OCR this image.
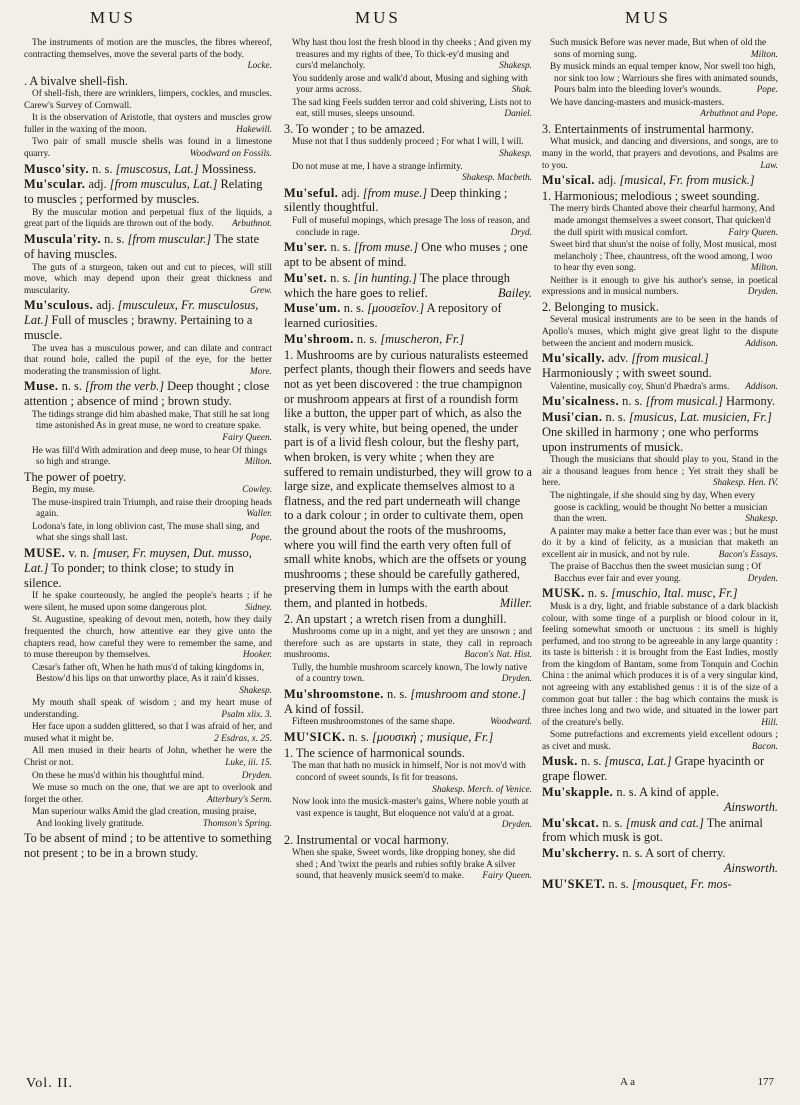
MUS	MUS	MUS
The instruments of motion are the muscles, the fibres whereof, contracting themselves, move the several parts of the body.
Locke.
. A bivalve shell-fish.
Of shell-fish, there are wrinklers, limpers, cockles, and muscles. Carew's Survey of Cornwall.
It is the observation of Aristotle, that oysters and muscles grow fuller in the waxing of the moon.	Hakewill.
Two pair of small muscle shells was found in a limestone quarry.	Woodward on Fossils.
Musco'sity. n. s. [muscosus, Lat.] Mossiness.
Mu'scular. adj. [from musculus, Lat.] Relating to muscles ; performed by muscles.
By the muscular motion and perpetual flux of the liquids, a great part of the liquids are thrown out of the body.	Arbuthnot.
Muscula'rity. n. s. [from muscular.] The state of having muscles.
The guts of a sturgeon, taken out and cut to pieces, will still move, which may depend upon their great thickness and muscularity.	Grew.
Mu'sculous. adj. [musculeux, Fr. musculosus, Lat.] Full of muscles ; brawny. Pertaining to a muscle.
The uvea has a musculous power, and can dilate and contract that round hole, called the pupil of the eye, for the better moderating the transmission of light.	More.
Muse. n. s. [from the verb.] Deep thought ; close attention ; absence of mind ; brown study.
The tidings strange did him abashed make, That still he sat long time astonished As in great muse, ne word to creature spake.
Fairy Queen.
He was fill'd With admiration and deep muse, to hear Of things so high and strange.	Milton.
The power of poetry.
Begin, my muse.	Cowley.
The muse-inspired train Triumph, and raise their drooping heads again.	Waller.
Lodona's fate, in long oblivion cast, The muse shall sing, and what she sings shall last.	Pope.
MUSE. v. n. [muser, Fr. muysen, Dut. musso, Lat.] To ponder; to think close; to study in silence.
If he spake courteously, he angled the people's hearts ; if he were silent, he mused upon some dangerous plot.	Sidney.
St. Augustine, speaking of devout men, noteth, how they daily frequented the church, how attentive ear they give unto the chapters read, how careful they were to remember the same, and to muse thereupon by themselves.	Hooker.
Cæsar's father oft, When he hath mus'd of taking kingdoms in, Bestow'd his lips on that unworthy place, As it rain'd kisses.
Shakesp.
My mouth shall speak of wisdom ; and my heart muse of understanding.	Psalm xlix. 3.
Her face upon a sudden glittered, so that I was afraid of her, and mused what it might be.	2 Esdras, x. 25.
All men mused in their hearts of John, whether he were the Christ or not.	Luke, iii. 15.
On these he mus'd within his thoughtful mind.	Dryden.
We muse so much on the one, that we are apt to overlook and forget the other.	Atterbury's Serm.
Man superiour walks Amid the glad creation, musing praise, And looking lively gratitude.	Thomson's Spring.
To be absent of mind ; to be attentive to something not present ; to be in a brown study.
Why hast thou lost the fresh blood in thy cheeks ; And given my treasures and my rights of thee, To thick-ey'd musing and curs'd melancholy.	Shakesp.
You suddenly arose and walk'd about, Musing and sighing with your arms across.	Shak.
The sad king Feels sudden terror and cold shivering, Lists not to eat, still muses, sleeps unsound.	Daniel.
3. To wonder ; to be amazed.
Muse not that I thus suddenly proceed ; For what I will, I will.
Shakesp.
Do not muse at me, I have a strange infirmity.
Shakesp. Macbeth.
Mu'seful. adj. [from muse.] Deep thinking ; silently thoughtful.
Full of museful mopings, which presage The loss of reason, and conclude in rage.	Dryd.
Mu'ser. n. s. [from muse.] One who muses ; one apt to be absent of mind.
Mu'set. n. s. [in hunting.] The place through which the hare goes to relief.	Bailey.
Muse'um. n. s. [μουσεῖον.] A repository of learned curiosities.
Mu'shroom. n. s. [muscheron, Fr.]
1. Mushrooms are by curious naturalists esteemed perfect plants, though their flowers and seeds have not as yet been discovered : the true champignon or mushroom appears at first of a roundish form like a button, the upper part of which, as also the stalk, is very white, but being opened, the under part is of a livid flesh colour, but the fleshy part, when broken, is very white ; when they are suffered to remain undisturbed, they will grow to a large size, and explicate themselves almost to a flatness, and the red part underneath will change to a dark colour ; in order to cultivate them, open the ground about the roots of the mushrooms, where you will find the earth very often full of small white knobs, which are the offsets or young mushrooms ; these should be carefully gathered, preserving them in lumps with the earth about them, and planted in hotbeds.	Miller.
2. An upstart ; a wretch risen from a dunghill.
Mushrooms come up in a night, and yet they are unsown ; and therefore such as are upstarts in state, they call in reproach mushrooms.	Bacon's Nat. Hist.
Tully, the humble mushroom scarcely known, The lowly native of a country town.	Dryden.
Mu'shroomstone. n. s. [mushroom and stone.] A kind of fossil.
Fifteen mushroomstones of the same shape.	Woodward.
MU'SICK. n. s. [μουσικὴ ; musique, Fr.]
1. The science of harmonical sounds.
The man that hath no musick in himself, Nor is not mov'd with concord of sweet sounds, Is fit for treasons.
Shakesp. Merch. of Venice.
Now look into the musick-master's gains, Where noble youth at vast expence is taught, But eloquence not valu'd at a groat.
Dryden.
2. Instrumental or vocal harmony.
When she spake, Sweet words, like dropping honey, she did shed ; And 'twixt the pearls and rubies softly brake A silver sound, that heavenly musick seem'd to make. Fairy Queen.
Such musick Before was never made, But when of old the sons of morning sung.	Milton.
By musick minds an equal temper know, Nor swell too high, nor sink too low ; Warriours she fires with animated sounds, Pours balm into the bleeding lover's wounds.	Pope.
We have dancing-masters and musick-masters.
Arbuthnot and Pope.
3. Entertainments of instrumental harmony.
What musick, and dancing and diversions, and songs, are to many in the world, that prayers and devotions, and Psalms are to you.	Law.
Mu'sical. adj. [musical, Fr. from musick.]
1. Harmonious; melodious ; sweet sounding.
The merry birds Chanted above their chearful harmony, And made amongst themselves a sweet consort, That quicken'd the dull spirit with musical comfort.	Fairy Queen.
Sweet bird that shun'st the noise of folly, Most musical, most melancholy ; Thee, chauntress, oft the wood among, I woo to hear thy even song.	Milton.
Neither is it enough to give his author's sense, in poetical expressions and in musical numbers.	Dryden.
2. Belonging to musick.
Several musical instruments are to be seen in the hands of Apollo's muses, which might give great light to the dispute between the ancient and modern musick.	Addison.
Mu'sically. adv. [from musical.] Harmoniously ; with sweet sound.
Valentine, musically coy, Shun'd Phædra's arms. Addison.
Mu'sicalness. n. s. [from musical.] Harmony.
Musi'cian. n. s. [musicus, Lat. musicien, Fr.] One skilled in harmony ; one who performs upon instruments of musick.
Though the musicians that should play to you, Stand in the air a thousand leagues from hence ; Yet strait they shall be here.	Shakesp. Hen. IV.
The nightingale, if she should sing by day, When every goose is cackling, would be thought No better a musician than the wren.	Shakesp.
A painter may make a better face than ever was ; but he must do it by a kind of felicity, as a musician that maketh an excellent air in musick, and not by rule.	Bacon's Essays.
The praise of Bacchus then the sweet musician sung ; Of Bacchus ever fair and ever young.	Dryden.
MUSK. n. s. [muschio, Ital. musc, Fr.]
Musk is a dry, light, and friable substance of a dark blackish colour, with some tinge of a purplish or blood colour in it, feeling somewhat smooth or unctuous : its smell is highly perfumed, and too strong to be agreeable in any large quantity : its taste is bitterish : it is brought from the East Indies, mostly from the kingdom of Bantam, some from Tonquin and Cochin China : the animal which produces it is of a very singular kind, not agreeing with any established genus : it is of the size of a common goat but taller : the bag which contains the musk is three inches long and two wide, and situated in the lower part of the creature's belly.	Hill.
Some putrefactions and excrements yield excellent odours ; as civet and musk.	Bacon.
Musk. n. s. [musca, Lat.] Grape hyacinth or grape flower.
Mu'skapple. n. s. A kind of apple.
Ainsworth.
Mu'skcat. n. s. [musk and cat.] The animal from which musk is got.
Mu'skcherry. n. s. A sort of cherry.
Ainsworth.
MU'SKET. n. s. [mousquet, Fr. mos-
Vol. II.	A a	177
